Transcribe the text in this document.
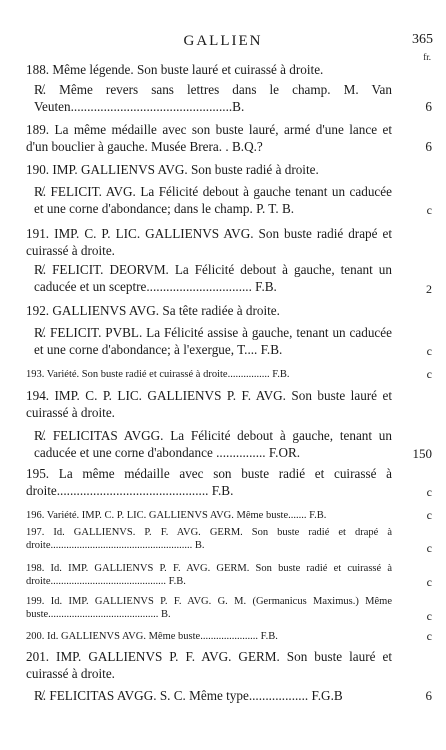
GALLIEN	365
fr.
188. Même légende. Son buste lauré et cuirassé à droite.
R̸. Même revers sans lettres dans le champ. M. Van Veuten.................................................B.	6
189. La même médaille avec son buste lauré, armé d'une lance et d'un bouclier à gauche. Musée Brera. . B.Q.?	6
190. IMP. GALLIENVS AVG. Son buste radié à droite.
R̸. FELICIT. AVG. La Félicité debout à gauche tenant un caducée et une corne d'abondance; dans le champ. P. T. B.	c
191. IMP. C. P. LIC. GALLIENVS AVG. Son buste radié drapé et cuirassé à droite.
R̸. FELICIT. DEORVM. La Félicité debout à gauche, tenant un caducée et un sceptre................................ F.B.	2
192. GALLIENVS AVG. Sa tête radiée à droite.
R̸. FELICIT. PVBL. La Félicité assise à gauche, tenant un caducée et une corne d'abondance; à l'exergue, T.... F.B.	c
193. Variété. Son buste radié et cuirassé à droite................ F.B.	c
194. IMP. C. P. LIC. GALLIENVS P. F. AVG. Son buste lauré et cuirassé à droite.
R̸. FELICITAS AVGG. La Félicité debout à gauche, tenant un caducée et une corne d'abondance ............... F.OR.	150
195. La même médaille avec son buste radié et cuirassé à droite.............................................. F.B.	c
196. Variété. IMP. C. P. LIC. GALLIENVS AVG. Même buste....... F.B.	c
197. Id. GALLIENVS. P. F. AVG. GERM. Son buste radié et drapé à droite...................................................... B.	c
198. Id. IMP. GALLIENVS P. F. AVG. GERM. Son buste radié et cuirassé à droite............................................ F.B.	c
199. Id. IMP. GALLIENVS P. F. AVG. G. M. (Germanicus Maximus.) Même buste.......................................... B.	c
200. Id. GALLIENVS AVG. Même buste...................... F.B.	c
201. IMP. GALLIENVS P. F. AVG. GERM. Son buste lauré et cuirassé à droite.
R̸. FELICITAS AVGG. S. C. Même type.................. F.G.B	6
